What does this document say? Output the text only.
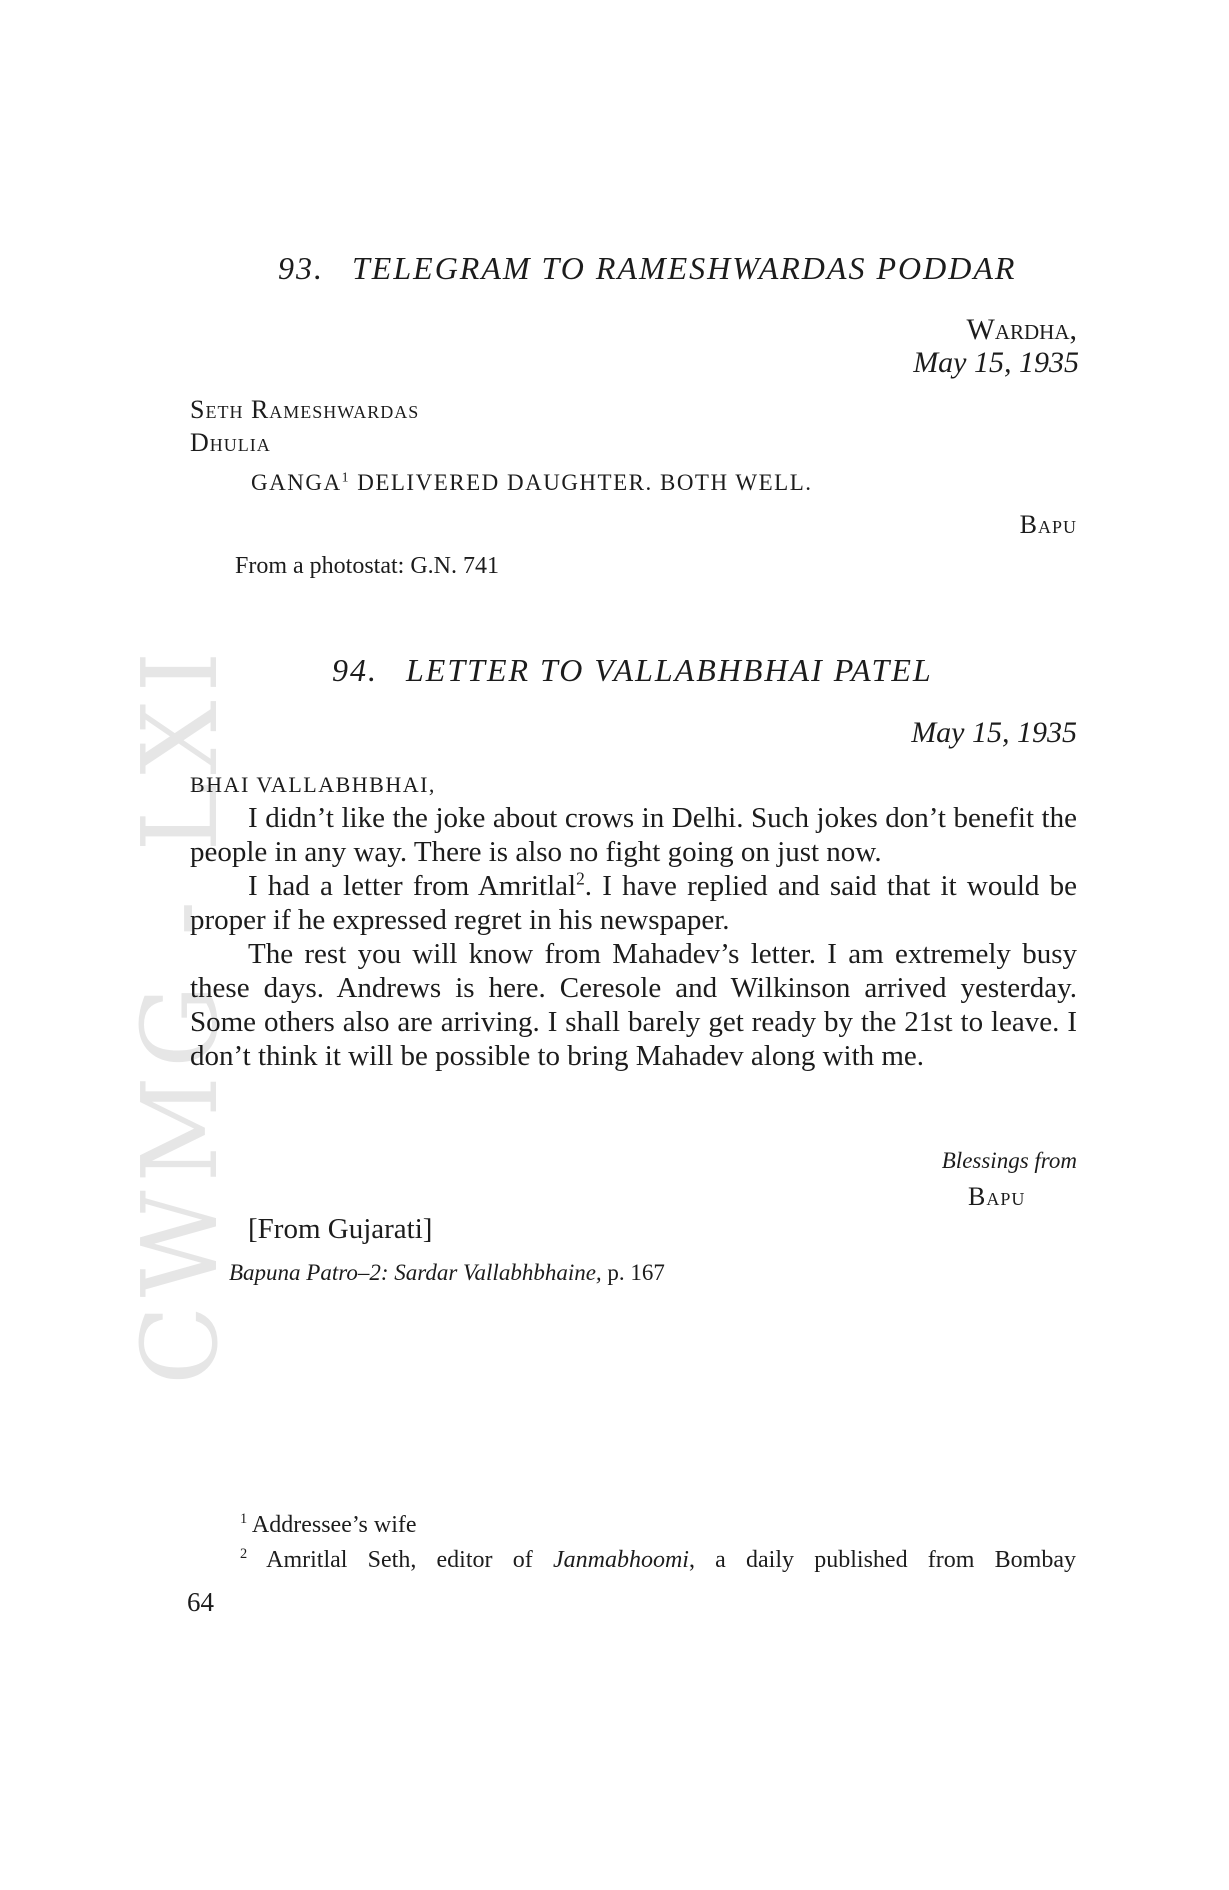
CWMG - LXI
93. TELEGRAM TO RAMESHWARDAS PODDAR
Wardha,
May 15, 1935
Seth Rameshwardas
Dhulia
GANGA$^1$ DELIVERED DAUGHTER. BOTH WELL.
Bapu
From a photostat: G.N. 741
94. LETTER TO VALLABHBHAI PATEL
May 15, 1935
BHAI VALLABHBHAI,

I didn’t like the joke about crows in Delhi. Such jokes don’t benefit the people in any way. There is also no fight going on just now.

I had a letter from Amritlal$^2$. I have replied and said that it would be proper if he expressed regret in his newspaper.

The rest you will know from Mahadev’s letter. I am extremely busy these days. Andrews is here. Ceresole and Wilkinson arrived yesterday. Some others also are arriving. I shall barely get ready by the 21st to leave. I don’t think it will be possible to bring Mahadev along with me.

Blessings from
Bapu
[From Gujarati]
Bapuna Patro–2: Sardar Vallabhbhaine, p. 167
$^1$ Addressee’s wife
$^2$ Amritlal Seth, editor of Janmabhoomi, a daily published from Bombay
64
